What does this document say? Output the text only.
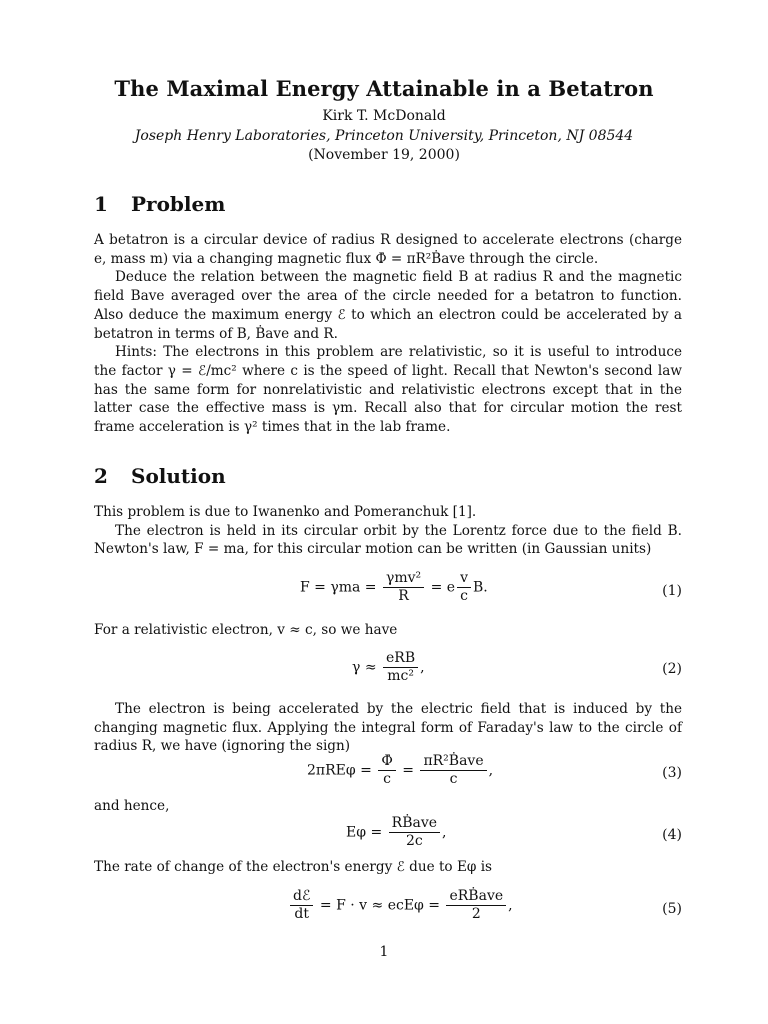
The Maximal Energy Attainable in a Betatron
Kirk T. McDonald
Joseph Henry Laboratories, Princeton University, Princeton, NJ 08544
(November 19, 2000)
1 Problem

A betatron is a circular device of radius R designed to accelerate electrons (charge e, mass m) via a changing magnetic flux Φ̇ = πR²Ḃave through the circle.

Deduce the relation between the magnetic field B at radius R and the magnetic field Bave averaged over the area of the circle needed for a betatron to function. Also deduce the maximum energy ℰ to which an electron could be accelerated by a betatron in terms of B, Ḃave and R.

Hints: The electrons in this problem are relativistic, so it is useful to introduce the factor γ = ℰ/mc² where c is the speed of light. Recall that Newton's second law has the same form for nonrelativistic and relativistic electrons except that in the latter case the effective mass is γm. Recall also that for circular motion the rest frame acceleration is γ² times that in the lab frame.

2 Solution

This problem is due to Iwanenko and Pomeranchuk [1].

The electron is held in its circular orbit by the Lorentz force due to the field B. Newton's law, F = ma, for this circular motion can be written (in Gaussian units)

$F = \gamma ma = \frac{\text{γmv²}}{R} = e \frac{v}{c} B$.	(1)
For a relativistic electron, v ≈ c, so we have
$\gamma \approx \frac{\text{eRB}}{\text{mc²}}$ ,	(2)

The electron is being accelerated by the electric field that is induced by the changing magnetic flux. Applying the integral form of Faraday's law to the circle of radius R, we have (ignoring the sign)

$2\pi RE\varphi = \frac{\Phi̇}{c} = \frac{\text{πR²Ḃave}}{c}$ ,	(3)
and hence,
$E\varphi = \frac{\text{RḂave}}{2c}$ ,	(4)
The rate of change of the electron's energy ℰ due to Eφ is
$\frac{\text{dℰ}}{dt} = F \cdot v \approx ecE\varphi = \frac{\text{eRḂave}}{2}$ ,	(5)
1
